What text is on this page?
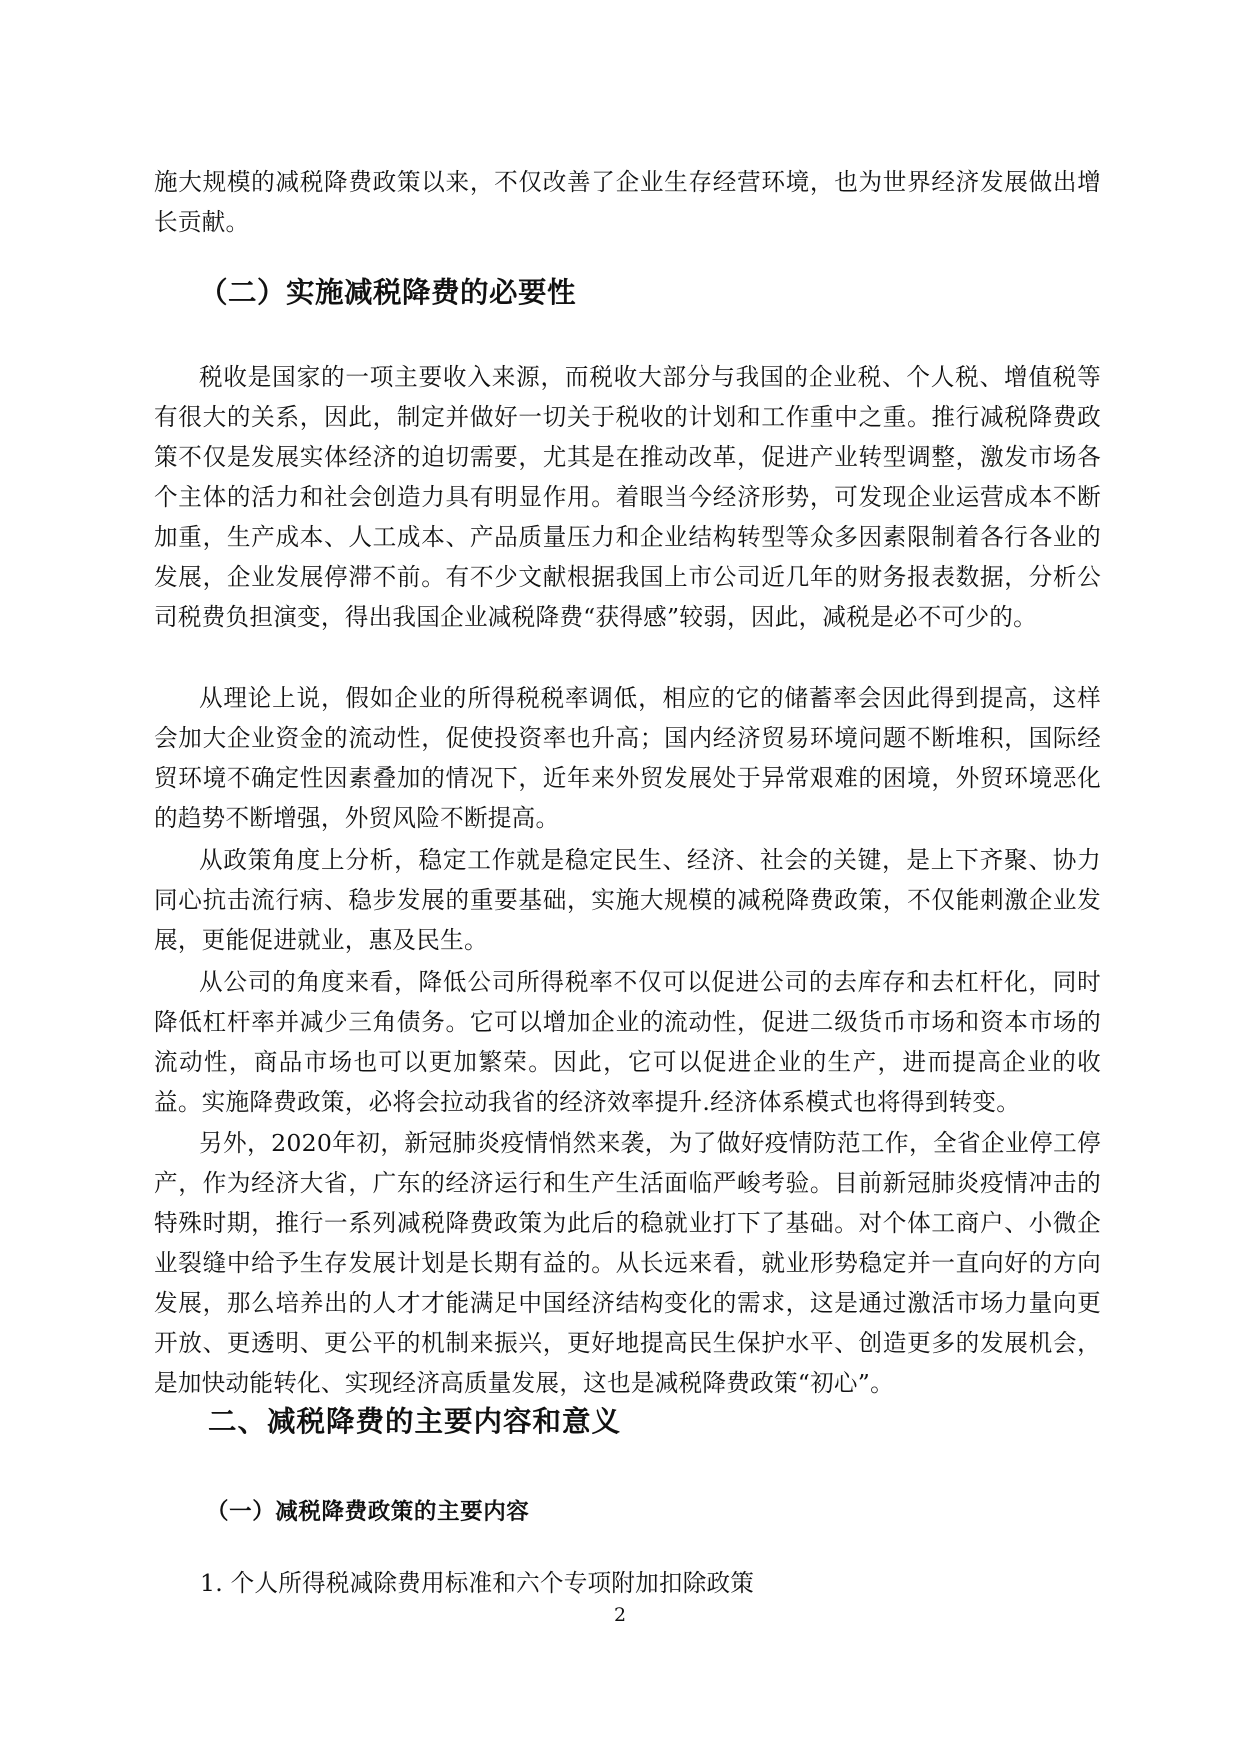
施大规模的减税降费政策以来，不仅改善了企业生存经营环境，也为世界经济发展做出增长贡献。

（二）实施减税降费的必要性

税收是国家的一项主要收入来源，而税收大部分与我国的企业税、个人税、增值税等有很大的关系，因此，制定并做好一切关于税收的计划和工作重中之重。推行减税降费政策不仅是发展实体经济的迫切需要，尤其是在推动改革，促进产业转型调整，激发市场各个主体的活力和社会创造力具有明显作用。着眼当今经济形势，可发现企业运营成本不断加重，生产成本、人工成本、产品质量压力和企业结构转型等众多因素限制着各行各业的发展，企业发展停滞不前。有不少文献根据我国上市公司近几年的财务报表数据，分析公司税费负担演变，得出我国企业减税降费“获得感”较弱，因此，减税是必不可少的。

从理论上说，假如企业的所得税税率调低，相应的它的储蓄率会因此得到提高，这样会加大企业资金的流动性，促使投资率也升高；国内经济贸易环境问题不断堆积，国际经贸环境不确定性因素叠加的情况下，近年来外贸发展处于异常艰难的困境，外贸环境恶化的趋势不断增强，外贸风险不断提高。

从政策角度上分析，稳定工作就是稳定民生、经济、社会的关键，是上下齐聚、协力同心抗击流行病、稳步发展的重要基础，实施大规模的减税降费政策，不仅能刺激企业发展，更能促进就业，惠及民生。

从公司的角度来看，降低公司所得税率不仅可以促进公司的去库存和去杠杆化，同时降低杠杆率并减少三角债务。它可以增加企业的流动性，促进二级货币市场和资本市场的流动性，商品市场也可以更加繁荣。因此，它可以促进企业的生产，进而提高企业的收益。实施降费政策，必将会拉动我省的经济效率提升.经济体系模式也将得到转变。

另外，2020年初，新冠肺炎疫情悄然来袭，为了做好疫情防范工作，全省企业停工停产，作为经济大省，广东的经济运行和生产生活面临严峻考验。目前新冠肺炎疫情冲击的特殊时期，推行一系列减税降费政策为此后的稳就业打下了基础。对个体工商户、小微企业裂缝中给予生存发展计划是长期有益的。从长远来看，就业形势稳定并一直向好的方向发展，那么培养出的人才才能满足中国经济结构变化的需求，这是通过激活市场力量向更开放、更透明、更公平的机制来振兴，更好地提高民生保护水平、创造更多的发展机会，是加快动能转化、实现经济高质量发展，这也是减税降费政策“初心”。

二、减税降费的主要内容和意义
（一）减税降费政策的主要内容

1. 个人所得税减除费用标准和六个专项附加扣除政策

2
